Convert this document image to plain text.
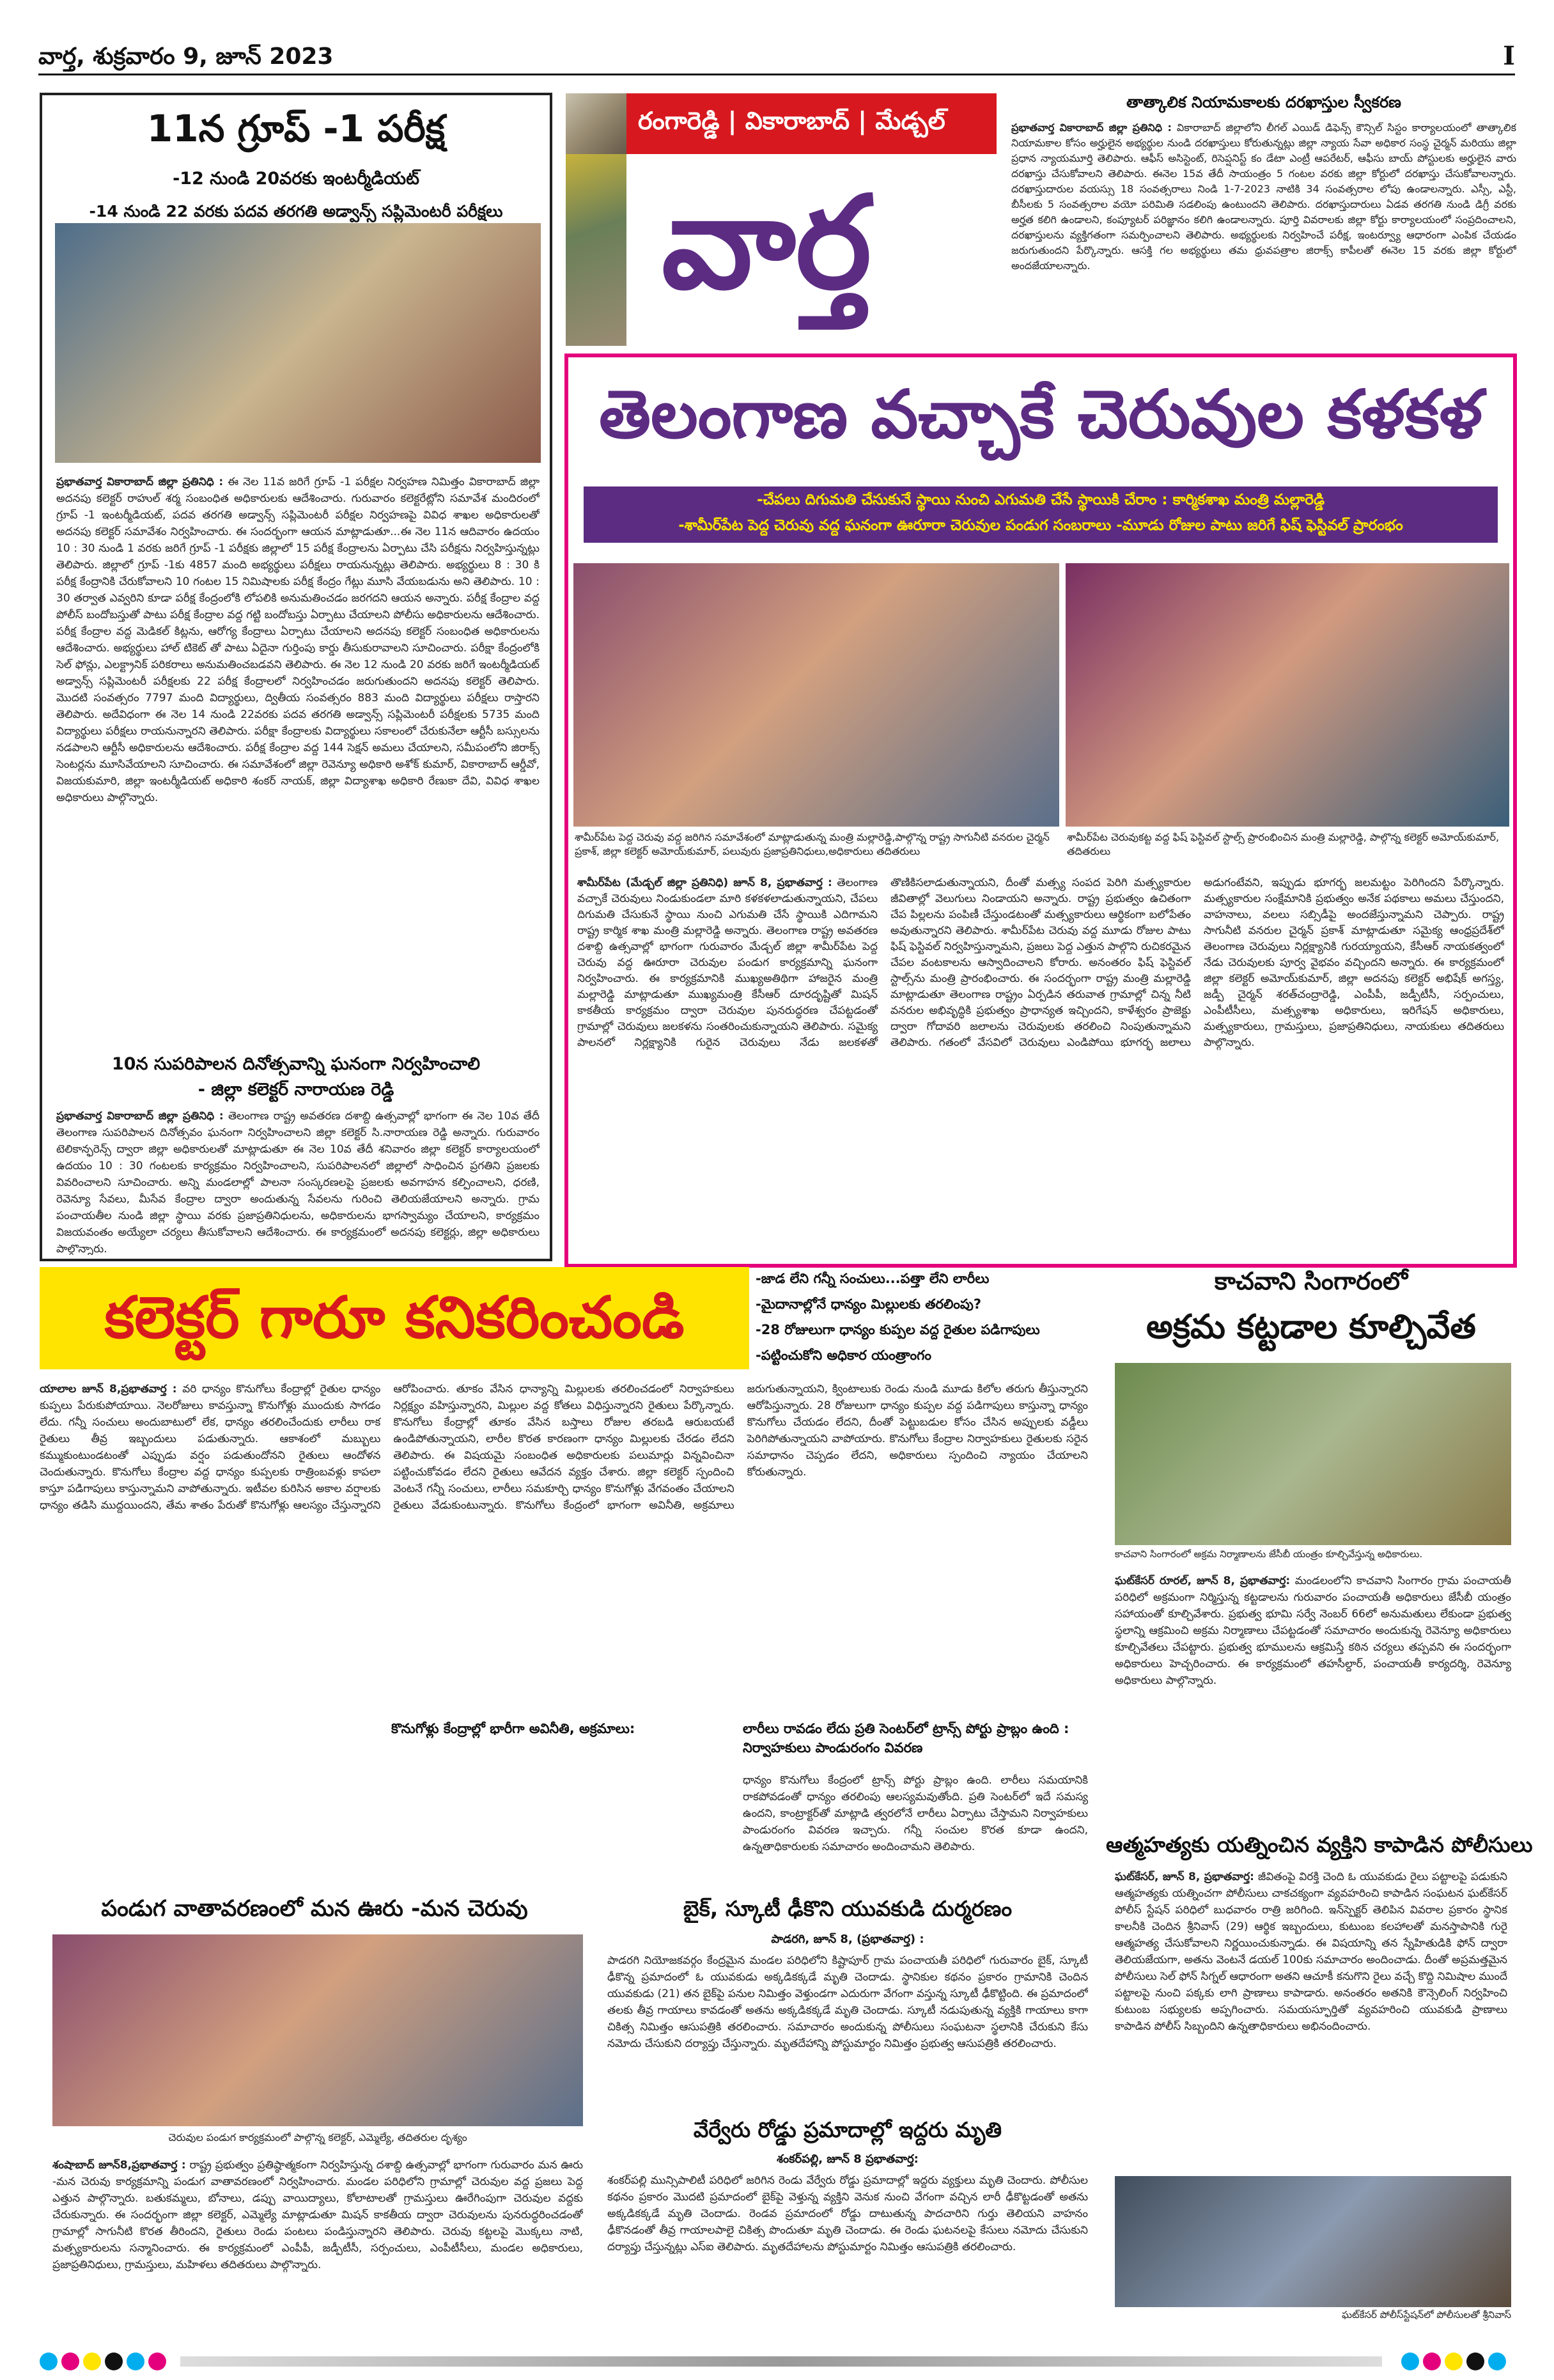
వార్త, శుక్రవారం 9, జూన్ 2023	I
11న గ్రూప్ -1 పరీక్ష
-12 నుండి 20వరకు ఇంటర్మీడియట్
-14 నుండి 22 వరకు పదవ తరగతి అడ్వాన్స్ సప్లిమెంటరీ పరీక్షలు
ప్రభాతవార్త వికారాబాద్ జిల్లా ప్రతినిధి : ఈ నెల 11వ జరిగే గ్రూప్ -1 పరీక్షల నిర్వహణ నిమిత్తం వికారాబాద్ జిల్లా అదనపు కలెక్టర్ రాహుల్ శర్మ సంబంధిత అధికారులకు ఆదేశించారు. గురువారం కలెక్టరేట్లోని సమావేశ మందిరంలో గ్రూప్ -1 ఇంటర్మీడియట్, పదవ తరగతి అడ్వాన్స్ సప్లిమెంటరీ పరీక్షల నిర్వహణపై వివిధ శాఖల అధికారులతో అదనపు కలెక్టర్ సమావేశం నిర్వహించారు. ఈ సందర్భంగా ఆయన మాట్లాడుతూ...ఈ నెల 11న ఆదివారం ఉదయం 10 : 30 నుండి 1 వరకు జరిగే గ్రూప్ -1 పరీక్షకు జిల్లాలో 15 పరీక్ష కేంద్రాలను ఏర్పాటు చేసి పరీక్షను నిర్వహిస్తున్నట్లు తెలిపారు. జిల్లాలో గ్రూప్ -1కు 4857 మంది అభ్యర్థులు పరీక్షలు రాయనున్నట్లు తెలిపారు. అభ్యర్థులు 8 : 30 కి పరీక్ష కేంద్రానికి చేరుకోవాలని 10 గంటల 15 నిమిషాలకు పరీక్ష కేంద్రం గేట్లు మూసి వేయబడును అని తెలిపారు. 10 : 30 తర్వాత ఎవ్వరిని కూడా పరీక్ష కేంద్రంలోకి లోపలికి అనుమతించడం జరగదని ఆయన అన్నారు. పరీక్ష కేంద్రాల వద్ద పోలీస్ బందోబస్తుతో పాటు పరీక్ష కేంద్రాల వద్ద గట్టి బందోబస్తు ఏర్పాటు చేయాలని పోలీసు అధికారులను ఆదేశించారు. పరీక్ష కేంద్రాల వద్ద మెడికల్ కిట్లను, ఆరోగ్య కేంద్రాలు ఏర్పాటు చేయాలని అదనపు కలెక్టర్ సంబంధిత అధికారులను ఆదేశించారు. అభ్యర్థులు హాల్ టికెట్ తో పాటు ఏదైనా గుర్తింపు కార్డు తీసుకురావాలని సూచించారు. పరీక్షా కేంద్రంలోకి సెల్ ఫోన్లు, ఎలక్ట్రానిక్ పరికరాలు అనుమతించబడవని తెలిపారు. ఈ నెల 12 నుండి 20 వరకు జరిగే ఇంటర్మీడియట్ అడ్వాన్స్ సప్లిమెంటరీ పరీక్షలకు 22 పరీక్ష కేంద్రాలలో నిర్వహించడం జరుగుతుందని అదనపు కలెక్టర్ తెలిపారు. మొదటి సంవత్సరం 7797 మంది విద్యార్థులు, ద్వితీయ సంవత్సరం 883 మంది విద్యార్థులు పరీక్షలు రాస్తారని తెలిపారు. అదేవిధంగా ఈ నెల 14 నుండి 22వరకు పదవ తరగతి అడ్వాన్స్ సప్లిమెంటరీ పరీక్షలకు 5735 మంది విద్యార్థులు పరీక్షలు రాయనున్నారని తెలిపారు. పరీక్షా కేంద్రాలకు విద్యార్థులు సకాలంలో చేరుకునేలా ఆర్టీసీ బస్సులను నడపాలని ఆర్టీసీ అధికారులను ఆదేశించారు. పరీక్ష కేంద్రాల వద్ద 144 సెక్షన్ అమలు చేయాలని, సమీపంలోని జిరాక్స్ సెంటర్లను మూసివేయాలని సూచించారు. ఈ సమావేశంలో జిల్లా రెవెన్యూ అధికారి అశోక్ కుమార్, వికారాబాద్ ఆర్డీవో, విజయకుమారి, జిల్లా ఇంటర్మీడియట్ అధికారి శంకర్ నాయక్, జిల్లా విద్యాశాఖ అధికారి రేణుకా దేవి, వివిధ శాఖల అధికారులు పాల్గొన్నారు.
10న సుపరిపాలన దినోత్సవాన్ని ఘనంగా నిర్వహించాలి
- జిల్లా కలెక్టర్ నారాయణ రెడ్డి
ప్రభాతవార్త వికారాబాద్ జిల్లా ప్రతినిధి : తెలంగాణ రాష్ట్ర అవతరణ దశాబ్ది ఉత్సవాల్లో భాగంగా ఈ నెల 10వ తేదీ తెలంగాణ సుపరిపాలన దినోత్సవం ఘనంగా నిర్వహించాలని జిల్లా కలెక్టర్ సి.నారాయణ రెడ్డి అన్నారు. గురువారం టెలికాన్ఫరెన్స్ ద్వారా జిల్లా అధికారులతో మాట్లాడుతూ ఈ నెల 10వ తేదీ శనివారం జిల్లా కలెక్టర్ కార్యాలయంలో ఉదయం 10 : 30 గంటలకు కార్యక్రమం నిర్వహించాలని, సుపరిపాలనలో జిల్లాలో సాధించిన ప్రగతిని ప్రజలకు వివరించాలని సూచించారు. అన్ని మండలాల్లో పాలనా సంస్కరణలపై ప్రజలకు అవగాహన కల్పించాలని, ధరణి, రెవెన్యూ సేవలు, మీసేవ కేంద్రాల ద్వారా అందుతున్న సేవలను గురించి తెలియజేయాలని అన్నారు. గ్రామ పంచాయతీల నుండి జిల్లా స్థాయి వరకు ప్రజాప్రతినిధులను, అధికారులను భాగస్వామ్యం చేయాలని, కార్యక్రమం విజయవంతం అయ్యేలా చర్యలు తీసుకోవాలని ఆదేశించారు. ఈ కార్యక్రమంలో అదనపు కలెక్టర్లు, జిల్లా అధికారులు పాల్గొన్నారు.
రంగారెడ్డి | వికారాబాద్ | మేడ్చల్
వార్త
తాత్కాలిక నియామకాలకు దరఖాస్తుల స్వీకరణ
ప్రభాతవార్త వికారాబాద్ జిల్లా ప్రతినిధి : వికారాబాద్ జిల్లాలోని లీగల్ ఎయిడ్ డిఫెన్స్ కౌన్సిల్ సిస్టం కార్యాలయంలో తాత్కాలిక నియామకాల కోసం అర్హులైన అభ్యర్థుల నుండి దరఖాస్తులు కోరుతున్నట్లు జిల్లా న్యాయ సేవా అధికార సంస్థ చైర్మన్ మరియు జిల్లా ప్రధాన న్యాయమూర్తి తెలిపారు. ఆఫీస్ అసిస్టెంట్, రిసెప్షనిస్ట్ కం డేటా ఎంట్రీ ఆపరేటర్, ఆఫీసు బాయ్ పోస్టులకు అర్హులైన వారు దరఖాస్తు చేసుకోవాలని తెలిపారు. ఈనెల 15వ తేదీ సాయంత్రం 5 గంటల వరకు జిల్లా కోర్టులో దరఖాస్తు చేసుకోవాలన్నారు. దరఖాస్తుదారుల వయస్సు 18 సంవత్సరాలు నిండి 1-7-2023 నాటికి 34 సంవత్సరాల లోపు ఉండాలన్నారు. ఎస్సీ, ఎస్టీ, బీసీలకు 5 సంవత్సరాల వయో పరిమితి సడలింపు ఉంటుందని తెలిపారు. దరఖాస్తుదారులు ఏడవ తరగతి నుండి డిగ్రీ వరకు అర్హత కలిగి ఉండాలని, కంప్యూటర్ పరిజ్ఞానం కలిగి ఉండాలన్నారు. పూర్తి వివరాలకు జిల్లా కోర్టు కార్యాలయంలో సంప్రదించాలని, దరఖాస్తులను వ్యక్తిగతంగా సమర్పించాలని తెలిపారు. అభ్యర్థులకు నిర్వహించే పరీక్ష, ఇంటర్వ్యూ ఆధారంగా ఎంపిక చేయడం జరుగుతుందని పేర్కొన్నారు. ఆసక్తి గల అభ్యర్థులు తమ ధ్రువపత్రాల జిరాక్స్ కాపీలతో ఈనెల 15 వరకు జిల్లా కోర్టులో అందజేయాలన్నారు.
తెలంగాణ వచ్చాకే చెరువుల కళకళ
-చేపలు దిగుమతి చేసుకునే స్థాయి నుంచి ఎగుమతి చేసే స్థాయికి చేరాం : కార్మికశాఖ మంత్రి మల్లారెడ్డి
-శామీర్‌పేట పెద్ద చెరువు వద్ద ఘనంగా ఊరూరా చెరువుల పండుగ సంబరాలు -మూడు రోజుల పాటు జరిగే ఫిష్ ఫెస్టివల్ ప్రారంభం
శామీర్‌పేట పెద్ద చెరువు వద్ద జరిగిన సమావేశంలో మాట్లాడుతున్న మంత్రి మల్లారెడ్డి,పాల్గొన్న రాష్ట్ర సాగునీటి వనరుల చైర్మన్ ప్రకాశ్, జిల్లా కలెక్టర్ అమోయ్‌కుమార్, పలువురు ప్రజాప్రతినిధులు,అధికారులు తదితరులు
శామీర్‌పేట చెరువుకట్ట వద్ద ఫిష్ ఫెస్టివల్ స్టాల్స్ ప్రారంభించిన మంత్రి మల్లారెడ్డి, పాల్గొన్న కలెక్టర్ అమోయ్‌కుమార్, తదితరులు
శామీర్‌పేట (మేడ్చల్ జిల్లా ప్రతినిధి) జూన్ 8, ప్రభాతవార్త : తెలంగాణ వచ్చాకే చెరువులు నిండుకుండలా మారి కళకళలాడుతున్నాయని, చేపలు దిగుమతి చేసుకునే స్థాయి నుంచి ఎగుమతి చేసే స్థాయికి ఎదిగామని రాష్ట్ర కార్మిక శాఖ మంత్రి మల్లారెడ్డి అన్నారు. తెలంగాణ రాష్ట్ర అవతరణ దశాబ్ది ఉత్సవాల్లో భాగంగా గురువారం మేడ్చల్ జిల్లా శామీర్‌పేట పెద్ద చెరువు వద్ద ఊరూరా చెరువుల పండుగ కార్యక్రమాన్ని ఘనంగా నిర్వహించారు. ఈ కార్యక్రమానికి ముఖ్యఅతిథిగా హాజరైన మంత్రి మల్లారెడ్డి మాట్లాడుతూ ముఖ్యమంత్రి కేసీఆర్ దూరదృష్టితో మిషన్ కాకతీయ కార్యక్రమం ద్వారా చెరువుల పునరుద్ధరణ చేపట్టడంతో గ్రామాల్లో చెరువులు జలకళను సంతరించుకున్నాయని తెలిపారు. సమైక్య పాలనలో నిర్లక్ష్యానికి గురైన చెరువులు నేడు జలకళతో తొణికిసలాడుతున్నాయని, దీంతో మత్స్య సంపద పెరిగి మత్స్యకారుల జీవితాల్లో వెలుగులు నిండాయని అన్నారు. రాష్ట్ర ప్రభుత్వం ఉచితంగా చేప పిల్లలను పంపిణీ చేస్తుండటంతో మత్స్యకారులు ఆర్థికంగా బలోపేతం అవుతున్నారని తెలిపారు. శామీర్‌పేట చెరువు వద్ద మూడు రోజుల పాటు ఫిష్ ఫెస్టివల్ నిర్వహిస్తున్నామని, ప్రజలు పెద్ద ఎత్తున పాల్గొని రుచికరమైన చేపల వంటకాలను ఆస్వాదించాలని కోరారు. అనంతరం ఫిష్ ఫెస్టివల్ స్టాల్స్‌ను మంత్రి ప్రారంభించారు. ఈ సందర్భంగా రాష్ట్ర మంత్రి మల్లారెడ్డి మాట్లాడుతూ తెలంగాణ రాష్ట్రం ఏర్పడిన తరువాత గ్రామాల్లో చిన్న నీటి వనరుల అభివృద్ధికి ప్రభుత్వం ప్రాధాన్యత ఇచ్చిందని, కాళేశ్వరం ప్రాజెక్టు ద్వారా గోదావరి జలాలను చెరువులకు తరలించి నింపుతున్నామని తెలిపారు. గతంలో వేసవిలో చెరువులు ఎండిపోయి భూగర్భ జలాలు అడుగంటేవని, ఇప్పుడు భూగర్భ జలమట్టం పెరిగిందని పేర్కొన్నారు. మత్స్యకారుల సంక్షేమానికి ప్రభుత్వం అనేక పథకాలు అమలు చేస్తుందని, వాహనాలు, వలలు సబ్సిడీపై అందజేస్తున్నామని చెప్పారు. రాష్ట్ర సాగునీటి వనరుల చైర్మన్ ప్రకాశ్ మాట్లాడుతూ సమైక్య ఆంధ్రప్రదేశ్‌లో తెలంగాణ చెరువులు నిర్లక్ష్యానికి గురయ్యాయని, కేసీఆర్ నాయకత్వంలో నేడు చెరువులకు పూర్వ వైభవం వచ్చిందని అన్నారు. ఈ కార్యక్రమంలో జిల్లా కలెక్టర్ అమోయ్‌కుమార్, జిల్లా అదనపు కలెక్టర్ అభిషేక్ అగస్త్య, జడ్పీ చైర్మన్ శరత్‌చంద్రారెడ్డి, ఎంపీపీ, జడ్పీటీసీ, సర్పంచులు, ఎంపీటీసీలు, మత్స్యశాఖ అధికారులు, ఇరిగేషన్ అధికారులు, మత్స్యకారులు, గ్రామస్తులు, ప్రజాప్రతినిధులు, నాయకులు తదితరులు పాల్గొన్నారు.
కలెక్టర్ గారూ కనికరించండి
-జాడ లేని గన్నీ సంచులు...పత్తా లేని లారీలు
-మైదానాల్లోనే ధాన్యం మిల్లులకు తరలింపు?
-28 రోజులుగా ధాన్యం కుప్పల వద్ద రైతుల పడిగాపులు
-పట్టించుకోని అధికార యంత్రాంగం
యాలాల జూన్ 8,ప్రభాతవార్త : వరి ధాన్యం కొనుగోలు కేంద్రాల్లో రైతుల ధాన్యం కుప్పలు పేరుకుపోయాయి. నెలరోజులు కావస్తున్నా కొనుగోళ్లు ముందుకు సాగడం లేదు. గన్నీ సంచులు అందుబాటులో లేక, ధాన్యం తరలించేందుకు లారీలు రాక రైతులు తీవ్ర ఇబ్బందులు పడుతున్నారు. ఆకాశంలో మబ్బులు కమ్ముకుంటుండటంతో ఎప్పుడు వర్షం పడుతుందోనని రైతులు ఆందోళన చెందుతున్నారు. కొనుగోలు కేంద్రాల వద్ద ధాన్యం కుప్పలకు రాత్రింబవళ్లు కాపలా కాస్తూ పడిగాపులు కాస్తున్నామని వాపోతున్నారు. ఇటీవల కురిసిన అకాల వర్షాలకు ధాన్యం తడిసి ముద్దయిందని, తేమ శాతం పేరుతో కొనుగోళ్లు ఆలస్యం చేస్తున్నారని ఆరోపించారు. తూకం వేసిన ధాన్యాన్ని మిల్లులకు తరలించడంలో నిర్వాహకులు నిర్లక్ష్యం వహిస్తున్నారని, మిల్లుల వద్ద కోతలు విధిస్తున్నారని రైతులు పేర్కొన్నారు. కొనుగోలు కేంద్రాల్లో తూకం వేసిన బస్తాలు రోజుల తరబడి ఆరుబయటే ఉండిపోతున్నాయని, లారీల కొరత కారణంగా ధాన్యం మిల్లులకు చేరడం లేదని తెలిపారు. ఈ విషయమై సంబంధిత అధికారులకు పలుమార్లు విన్నవించినా పట్టించుకోవడం లేదని రైతులు ఆవేదన వ్యక్తం చేశారు. జిల్లా కలెక్టర్ స్పందించి వెంటనే గన్నీ సంచులు, లారీలు సమకూర్చి ధాన్యం కొనుగోళ్లు వేగవంతం చేయాలని రైతులు వేడుకుంటున్నారు. కొనుగోలు కేంద్రంలో భాగంగా అవినీతి, అక్రమాలు జరుగుతున్నాయని, క్వింటాలుకు రెండు నుండి మూడు కిలోల తరుగు తీస్తున్నారని ఆరోపిస్తున్నారు. 28 రోజులుగా ధాన్యం కుప్పల వద్ద పడిగాపులు కాస్తున్నా ధాన్యం కొనుగోలు చేయడం లేదని, దీంతో పెట్టుబడుల కోసం చేసిన అప్పులకు వడ్డీలు పెరిగిపోతున్నాయని వాపోయారు. కొనుగోలు కేంద్రాల నిర్వాహకులు రైతులకు సరైన సమాధానం చెప్పడం లేదని, అధికారులు స్పందించి న్యాయం చేయాలని కోరుతున్నారు.
కొనుగోళ్లు కేంద్రాల్లో భారీగా అవినీతి, అక్రమాలు:	లారీలు రావడం లేదు ప్రతి సెంటర్‌లో ట్రాన్స్ పోర్టు ప్రాబ్లం ఉంది : నిర్వాహకులు పాండురంగం వివరణ
ధాన్యం కొనుగోలు కేంద్రంలో ట్రాన్స్ పోర్టు ప్రాబ్లం ఉంది. లారీలు సమయానికి రాకపోవడంతో ధాన్యం తరలింపు ఆలస్యమవుతోంది. ప్రతి సెంటర్‌లో ఇదే సమస్య ఉందని, కాంట్రాక్టర్‌తో మాట్లాడి త్వరలోనే లారీలు ఏర్పాటు చేస్తామని నిర్వాహకులు పాండురంగం వివరణ ఇచ్చారు. గన్నీ సంచుల కొరత కూడా ఉందని, ఉన్నతాధికారులకు సమాచారం అందించామని తెలిపారు.
కాచవాని సింగారంలో
అక్రమ కట్టడాల కూల్చివేత
కాచవాని సింగారంలో అక్రమ నిర్మాణాలను జేసీబీ యంత్రం కూల్చివేస్తున్న అధికారులు.
ఘట్‌కేసర్ రూరల్, జూన్ 8, ప్రభాతవార్త: మండలంలోని కాచవాని సింగారం గ్రామ పంచాయతీ పరిధిలో అక్రమంగా నిర్మిస్తున్న కట్టడాలను గురువారం పంచాయతీ అధికారులు జేసీబీ యంత్రం సహాయంతో కూల్చివేశారు. ప్రభుత్వ భూమి సర్వే నెంబర్ 66లో అనుమతులు లేకుండా ప్రభుత్వ స్థలాన్ని ఆక్రమించి అక్రమ నిర్మాణాలు చేపట్టడంతో సమాచారం అందుకున్న రెవెన్యూ అధికారులు కూల్చివేతలు చేపట్టారు. ప్రభుత్వ భూములను ఆక్రమిస్తే కఠిన చర్యలు తప్పవని ఈ సందర్భంగా అధికారులు హెచ్చరించారు. ఈ కార్యక్రమంలో తహసీల్దార్, పంచాయతీ కార్యదర్శి, రెవెన్యూ అధికారులు పాల్గొన్నారు.
ఆత్మహత్యకు యత్నించిన వ్యక్తిని కాపాడిన పోలీసులు
ఘట్‌కేసర్, జూన్ 8, ప్రభాతవార్త: జీవితంపై విరక్తి చెంది ఓ యువకుడు రైలు పట్టాలపై పడుకుని ఆత్మహత్యకు యత్నించగా పోలీసులు చాకచక్యంగా వ్యవహరించి కాపాడిన సంఘటన ఘట్‌కేసర్ పోలీస్ స్టేషన్ పరిధిలో బుధవారం రాత్రి జరిగింది. ఇన్‌స్పెక్టర్ తెలిపిన వివరాల ప్రకారం స్థానిక కాలనీకి చెందిన శ్రీనివాస్ (29) ఆర్థిక ఇబ్బందులు, కుటుంబ కలహాలతో మనస్తాపానికి గురై ఆత్మహత్య చేసుకోవాలని నిర్ణయించుకున్నాడు. ఈ విషయాన్ని తన స్నేహితుడికి ఫోన్ ద్వారా తెలియజేయగా, అతను వెంటనే డయల్ 100కు సమాచారం అందించాడు. దీంతో అప్రమత్తమైన పోలీసులు సెల్ ఫోన్ సిగ్నల్ ఆధారంగా అతని ఆచూకీ కనుగొని రైలు వచ్చే కొద్ది నిమిషాల ముందే పట్టాలపై నుంచి పక్కకు లాగి ప్రాణాలు కాపాడారు. అనంతరం అతనికి కౌన్సెలింగ్ నిర్వహించి కుటుంబ సభ్యులకు అప్పగించారు. సమయస్ఫూర్తితో వ్యవహరించి యువకుడి ప్రాణాలు కాపాడిన పోలీస్ సిబ్బందిని ఉన్నతాధికారులు అభినందించారు.
ఘట్‌కేసర్ పోలీస్‌స్టేషన్‌లో పోలీసులతో శ్రీనివాస్
పండుగ వాతావరణంలో మన ఊరు -మన చెరువు
చెరువుల పండుగ కార్యక్రమంలో పాల్గొన్న కలెక్టర్, ఎమ్మెల్యే, తదితరుల దృశ్యం
శంషాబాద్ జూన్8,ప్రభాతవార్త : రాష్ట్ర ప్రభుత్వం ప్రతిష్ఠాత్మకంగా నిర్వహిస్తున్న దశాబ్ది ఉత్సవాల్లో భాగంగా గురువారం మన ఊరు -మన చెరువు కార్యక్రమాన్ని పండుగ వాతావరణంలో నిర్వహించారు. మండల పరిధిలోని గ్రామాల్లో చెరువుల వద్ద ప్రజలు పెద్ద ఎత్తున పాల్గొన్నారు. బతుకమ్మలు, బోనాలు, డప్పు వాయిద్యాలు, కోలాటాలతో గ్రామస్తులు ఊరేగింపుగా చెరువుల వద్దకు చేరుకున్నారు. ఈ సందర్భంగా జిల్లా కలెక్టర్, ఎమ్మెల్యే మాట్లాడుతూ మిషన్ కాకతీయ ద్వారా చెరువులను పునరుద్ధరించడంతో గ్రామాల్లో సాగునీటి కొరత తీరిందని, రైతులు రెండు పంటలు పండిస్తున్నారని తెలిపారు. చెరువు కట్టలపై మొక్కలు నాటి, మత్స్యకారులను సన్మానించారు. ఈ కార్యక్రమంలో ఎంపీపీ, జడ్పీటీసీ, సర్పంచులు, ఎంపీటీసీలు, మండల అధికారులు, ప్రజాప్రతినిధులు, గ్రామస్తులు, మహిళలు తదితరులు పాల్గొన్నారు.
బైక్, స్కూటీ ఢీకొని యువకుడి దుర్మరణం
పాడరగి, జూన్ 8, (ప్రభాతవార్త) :
పాడరగి నియోజకవర్గం కేంద్రమైన మండల పరిధిలోని కిష్టాపూర్ గ్రామ పంచాయతీ పరిధిలో గురువారం బైక్, స్కూటీ ఢీకొన్న ప్రమాదంలో ఓ యువకుడు అక్కడికక్కడే మృతి చెందాడు. స్థానికుల కథనం ప్రకారం గ్రామానికి చెందిన యువకుడు (21) తన బైక్‌పై పనుల నిమిత్తం వెళ్తుండగా ఎదురుగా వేగంగా వస్తున్న స్కూటీ ఢీకొట్టింది. ఈ ప్రమాదంలో తలకు తీవ్ర గాయాలు కావడంతో అతను అక్కడికక్కడే మృతి చెందాడు. స్కూటీ నడుపుతున్న వ్యక్తికి గాయాలు కాగా చికిత్స నిమిత్తం ఆసుపత్రికి తరలించారు. సమాచారం అందుకున్న పోలీసులు సంఘటనా స్థలానికి చేరుకుని కేసు నమోదు చేసుకుని దర్యాప్తు చేస్తున్నారు. మృతదేహాన్ని పోస్టుమార్టం నిమిత్తం ప్రభుత్వ ఆసుపత్రికి తరలించారు.
వేర్వేరు రోడ్డు ప్రమాదాల్లో ఇద్దరు మృతి
శంకర్‌పల్లి, జూన్ 8 ప్రభాతవార్త:
శంకర్‌పల్లి మున్సిపాలిటీ పరిధిలో జరిగిన రెండు వేర్వేరు రోడ్డు ప్రమాదాల్లో ఇద్దరు వ్యక్తులు మృతి చెందారు. పోలీసుల కథనం ప్రకారం మొదటి ప్రమాదంలో బైక్‌పై వెళ్తున్న వ్యక్తిని వెనుక నుంచి వేగంగా వచ్చిన లారీ ఢీకొట్టడంతో అతను అక్కడికక్కడే మృతి చెందాడు. రెండవ ప్రమాదంలో రోడ్డు దాటుతున్న పాదచారిని గుర్తు తెలియని వాహనం ఢీకొనడంతో తీవ్ర గాయాలపాలై చికిత్స పొందుతూ మృతి చెందాడు. ఈ రెండు ఘటనలపై కేసులు నమోదు చేసుకుని దర్యాప్తు చేస్తున్నట్లు ఎస్ఐ తెలిపారు. మృతదేహాలను పోస్టుమార్టం నిమిత్తం ఆసుపత్రికి తరలించారు.
